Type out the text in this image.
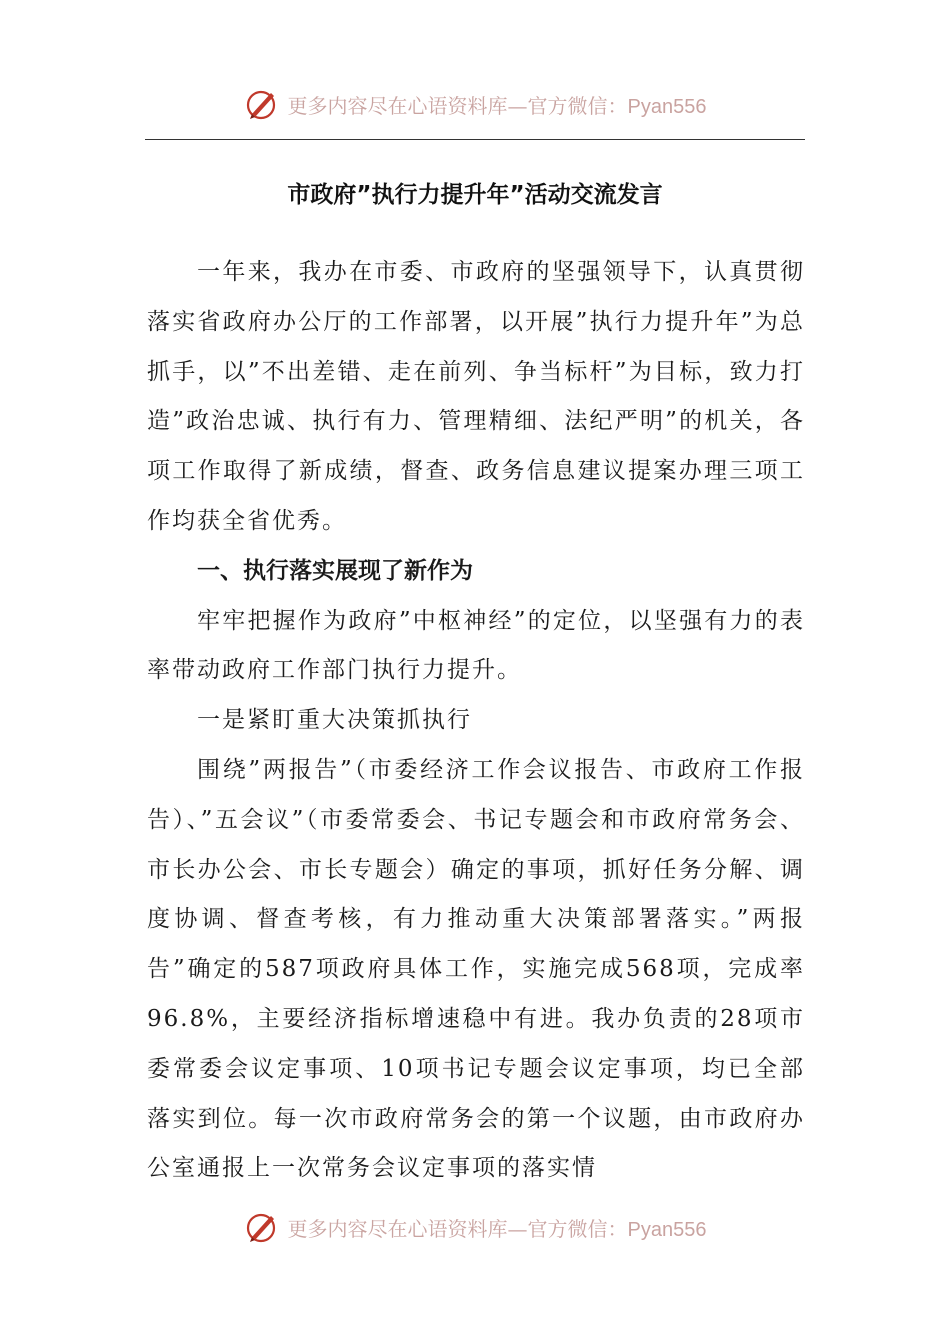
更多内容尽在心语资料库—官方微信：Pyan556
市政府”执行力提升年”活动交流发言

一年来，我办在市委、市政府的坚强领导下，认真贯彻落实省政府办公厅的工作部署，以开展”执行力提升年”为总抓手，以”不出差错、走在前列、争当标杆”为目标，致力打造”政治忠诚、执行有力、管理精细、法纪严明”的机关，各项工作取得了新成绩，督查、政务信息建议提案办理三项工作均获全省优秀。

一、执行落实展现了新作为

牢牢把握作为政府”中枢神经”的定位，以坚强有力的表率带动政府工作部门执行力提升。

一是紧盯重大决策抓执行

围绕”两报告”（市委经济工作会议报告、市政府工作报告）、”五会议”（市委常委会、书记专题会和市政府常务会、市长办公会、市长专题会）确定的事项，抓好任务分解、调度协调、督查考核，有力推动重大决策部署落实。”两报告”确定的587项政府具体工作，实施完成568项，完成率96.8%，主要经济指标增速稳中有进。我办负责的28项市委常委会议定事项、10项书记专题会议定事项，均已全部落实到位。每一次市政府常务会的第一个议题，由市政府办公室通报上一次常务会议定事项的落实情

更多内容尽在心语资料库—官方微信：Pyan556
